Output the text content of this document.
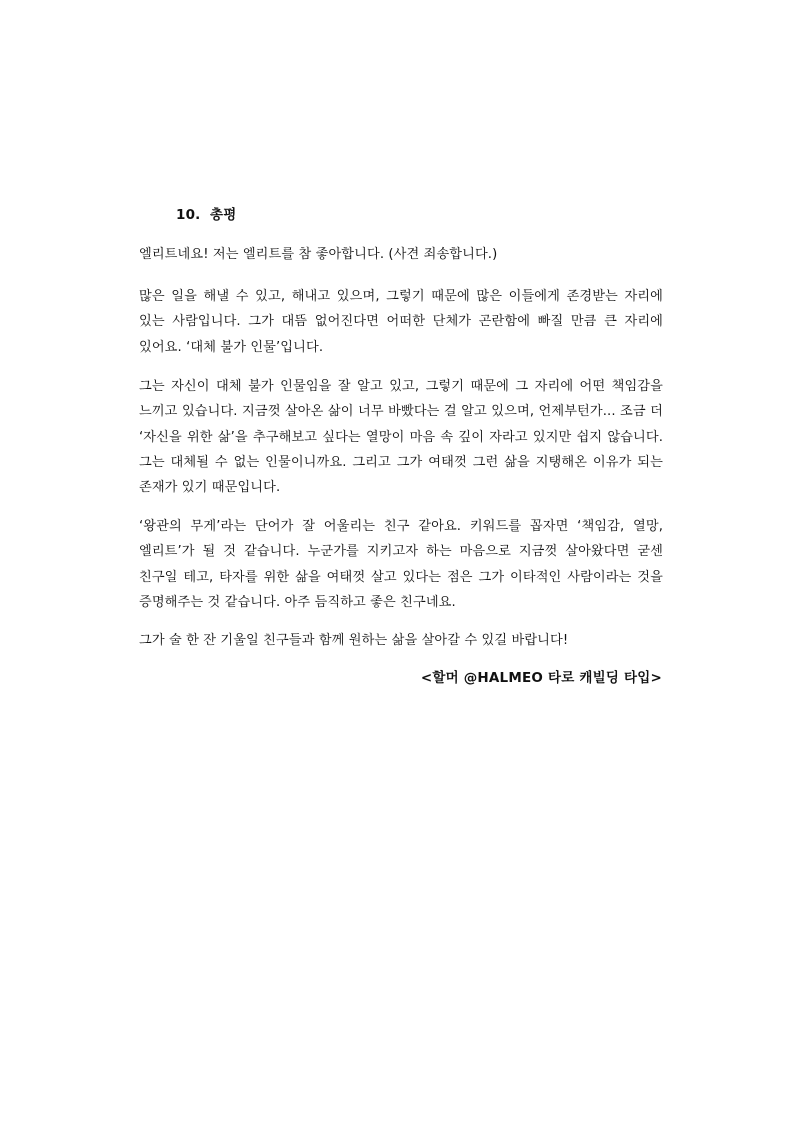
10. 총평

엘리트네요! 저는 엘리트를 참 좋아합니다. (사견 죄송합니다.)

많은 일을 해낼 수 있고, 해내고 있으며, 그렇기 때문에 많은 이들에게 존경받는 자리에 있는 사람입니다. 그가 대뜸 없어진다면 어떠한 단체가 곤란함에 빠질 만큼 큰 자리에 있어요. ‘대체 불가 인물’입니다.

그는 자신이 대체 불가 인물임을 잘 알고 있고, 그렇기 때문에 그 자리에 어떤 책임감을 느끼고 있습니다. 지금껏 살아온 삶이 너무 바빴다는 걸 알고 있으며, 언제부턴가... 조금 더 ‘자신을 위한 삶’을 추구해보고 싶다는 열망이 마음 속 깊이 자라고 있지만 쉽지 않습니다. 그는 대체될 수 없는 인물이니까요. 그리고 그가 여태껏 그런 삶을 지탱해온 이유가 되는 존재가 있기 때문입니다.

‘왕관의 무게’라는 단어가 잘 어울리는 친구 같아요. 키워드를 꼽자면 ‘책임감, 열망, 엘리트’가 될 것 같습니다. 누군가를 지키고자 하는 마음으로 지금껏 살아왔다면 굳센 친구일 테고, 타자를 위한 삶을 여태껏 살고 있다는 점은 그가 이타적인 사람이라는 것을 증명해주는 것 같습니다. 아주 듬직하고 좋은 친구네요.

그가 술 한 잔 기울일 친구들과 함께 원하는 삶을 살아갈 수 있길 바랍니다!

<할머 @HALMEO 타로 캐빌딩 타입>
